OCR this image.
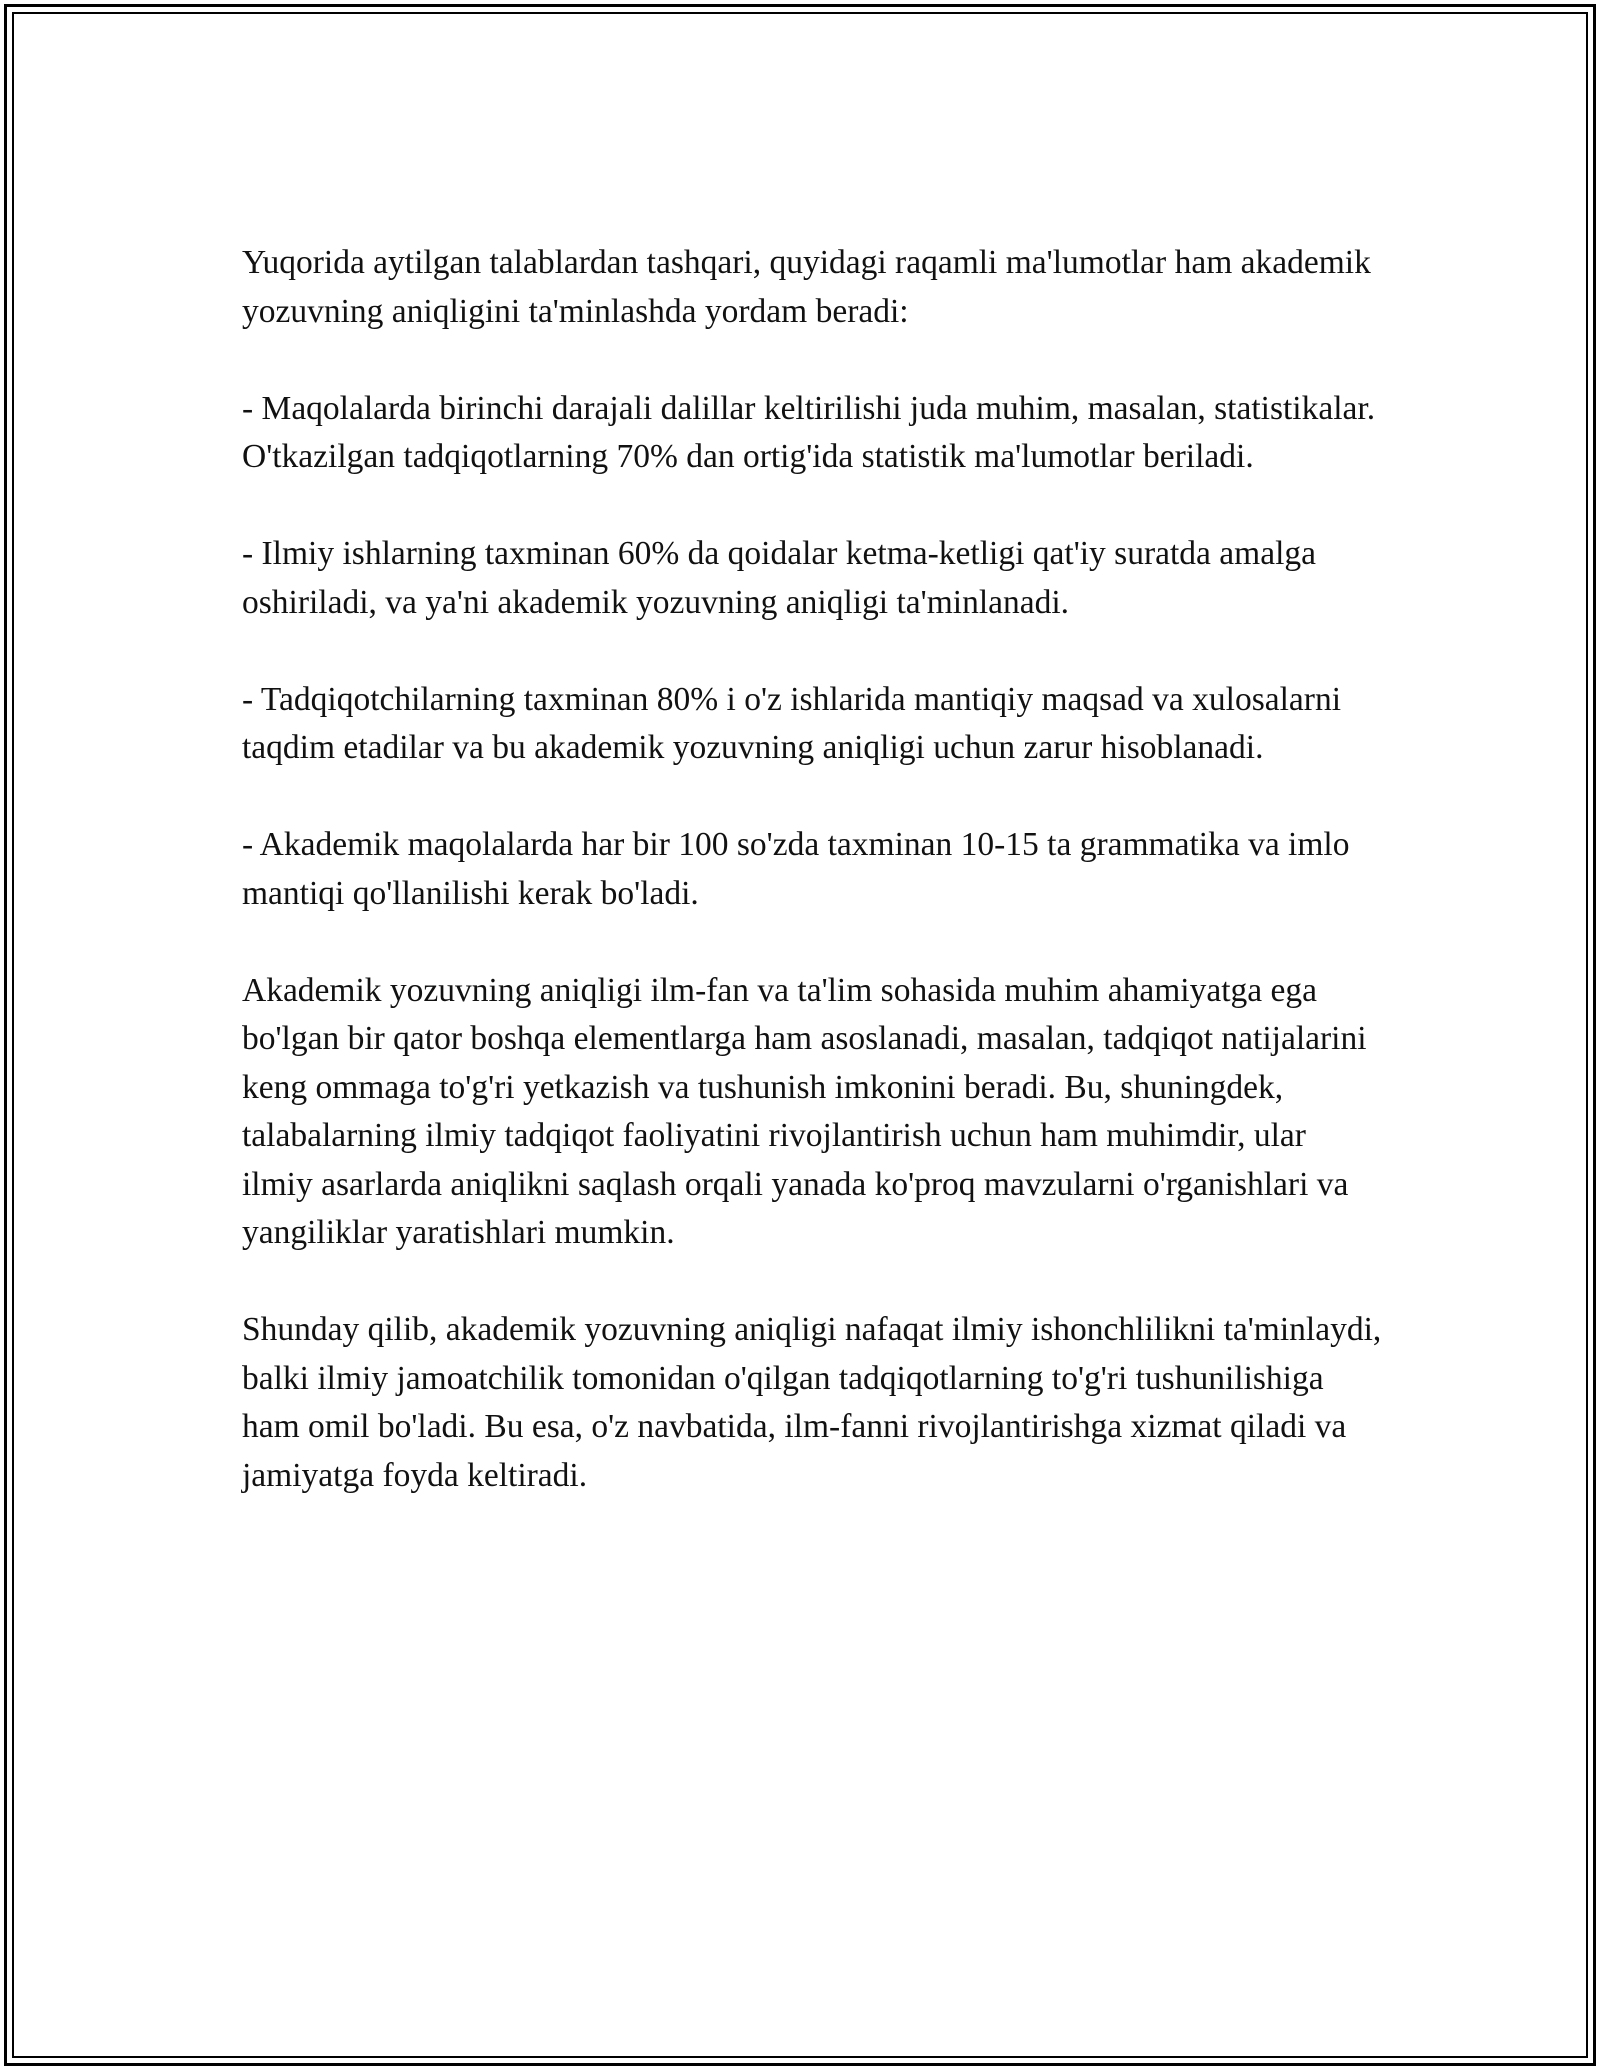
Yuqorida aytilgan talablardan tashqari, quyidagi raqamli ma'lumotlar ham akademik yozuvning aniqligini ta'minlashda yordam beradi:

- Maqolalarda birinchi darajali dalillar keltirilishi juda muhim, masalan, statistikalar. O'tkazilgan tadqiqotlarning 70% dan ortig'ida statistik ma'lumotlar beriladi.

- Ilmiy ishlarning taxminan 60% da qoidalar ketma-ketligi qat'iy suratda amalga oshiriladi, va ya'ni akademik yozuvning aniqligi ta'minlanadi.

- Tadqiqotchilarning taxminan 80% i o'z ishlarida mantiqiy maqsad va xulosalarni taqdim etadilar va bu akademik yozuvning aniqligi uchun zarur hisoblanadi.

- Akademik maqolalarda har bir 100 so'zda taxminan 10-15 ta grammatika va imlo mantiqi qo'llanilishi kerak bo'ladi.

Akademik yozuvning aniqligi ilm-fan va ta'lim sohasida muhim ahamiyatga ega bo'lgan bir qator boshqa elementlarga ham asoslanadi, masalan, tadqiqot natijalarini keng ommaga to'g'ri yetkazish va tushunish imkonini beradi. Bu, shuningdek, talabalarning ilmiy tadqiqot faoliyatini rivojlantirish uchun ham muhimdir, ular ilmiy asarlarda aniqlikni saqlash orqali yanada ko'proq mavzularni o'rganishlari va yangiliklar yaratishlari mumkin.

Shunday qilib, akademik yozuvning aniqligi nafaqat ilmiy ishonchlilikni ta'minlaydi, balki ilmiy jamoatchilik tomonidan o'qilgan tadqiqotlarning to'g'ri tushunilishiga ham omil bo'ladi. Bu esa, o'z navbatida, ilm-fanni rivojlantirishga xizmat qiladi va jamiyatga foyda keltiradi.
